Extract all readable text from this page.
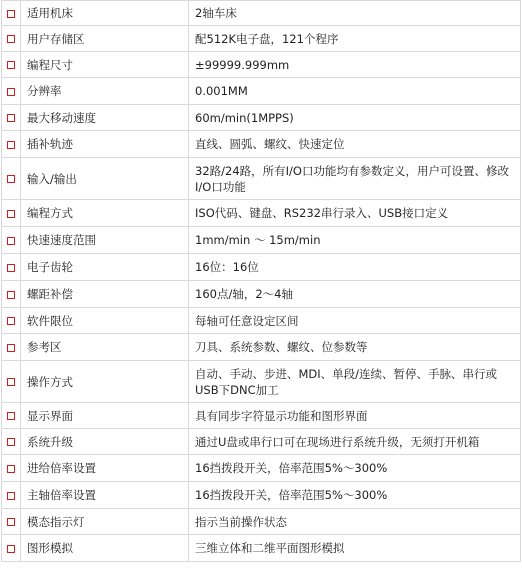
	适用机床	2轴车床
	用户存储区	配512K电子盘，121个程序
	编程尺寸	±99999.999mm
	分辨率	0.001MM
	最大移动速度	60m/min(1MPPS)
	插补轨迹	直线、圆弧、螺纹、快速定位
	输入/输出	32路/24路，所有I/O口功能均有参数定义，用户可设置、修改I/O口功能
	编程方式	ISO代码、键盘、RS232串行录入、USB接口定义
	快速速度范围	1mm/min ～ 15m/min
	电子齿轮	16位：16位
	螺距补偿	160点/轴，2～4轴
	软件限位	每轴可任意设定区间
	参考区	刀具、系统参数、螺纹、位参数等
	操作方式	自动、手动、步进、MDI、单段/连续、暂停、手脉、串行或USB下DNC加工
	显示界面	具有同步字符显示功能和图形界面
	系统升级	通过U盘或串行口可在现场进行系统升级，无须打开机箱
	进给倍率设置	16挡拨段开关，倍率范围5%～300%
	主轴倍率设置	16挡拨段开关，倍率范围5%～300%
	模态指示灯	指示当前操作状态
	图形模拟	三维立体和二维平面图形模拟
